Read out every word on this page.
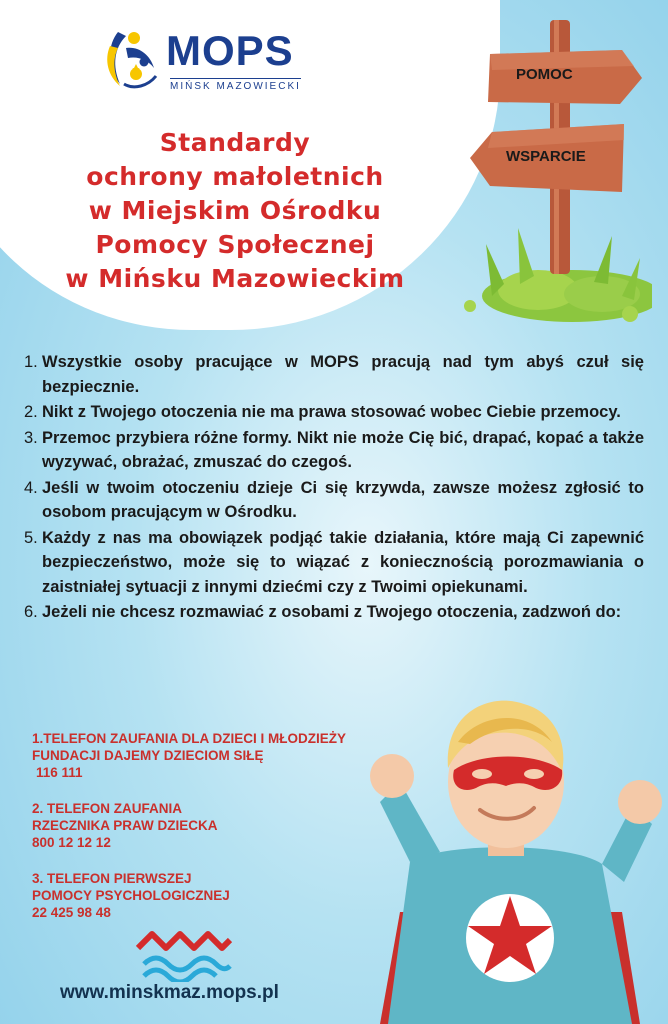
MOPS
MIŃSK MAZOWIECKI
Standardy
ochrony małoletnich
w Miejskim Ośrodku
Pomocy Społecznej
w Mińsku Mazowieckim
POMOC
WSPARCIE
1. Wszystkie osoby pracujące w MOPS pracują nad tym abyś czuł się bezpiecznie.
2. Nikt z Twojego otoczenia nie ma prawa stosować wobec Ciebie przemocy.
3. Przemoc przybiera różne formy. Nikt nie może Cię bić, drapać, kopać a także wyzywać, obrażać, zmuszać do czegoś.
4. Jeśli w twoim otoczeniu dzieje Ci się krzywda, zawsze możesz zgłosić to osobom pracującym w Ośrodku.
5. Każdy z nas ma obowiązek podjąć takie działania, które mają Ci zapewnić bezpieczeństwo, może się to wiązać z koniecznością porozmawiania o zaistniałej sytuacji z innymi dziećmi czy z Twoimi opiekunami.
6. Jeżeli nie chcesz rozmawiać z osobami z Twojego otoczenia, zadzwoń do:
1.TELEFON ZAUFANIA DLA DZIECI I MŁODZIEŻY
FUNDACJI DAJEMY DZIECIOM SIŁĘ
116 111
2. TELEFON ZAUFANIA
RZECZNIKA PRAW DZIECKA
800 12 12 12
3. TELEFON PIERWSZEJ
POMOCY PSYCHOLOGICZNEJ
22 425 98 48
www.minskmaz.mops.pl
